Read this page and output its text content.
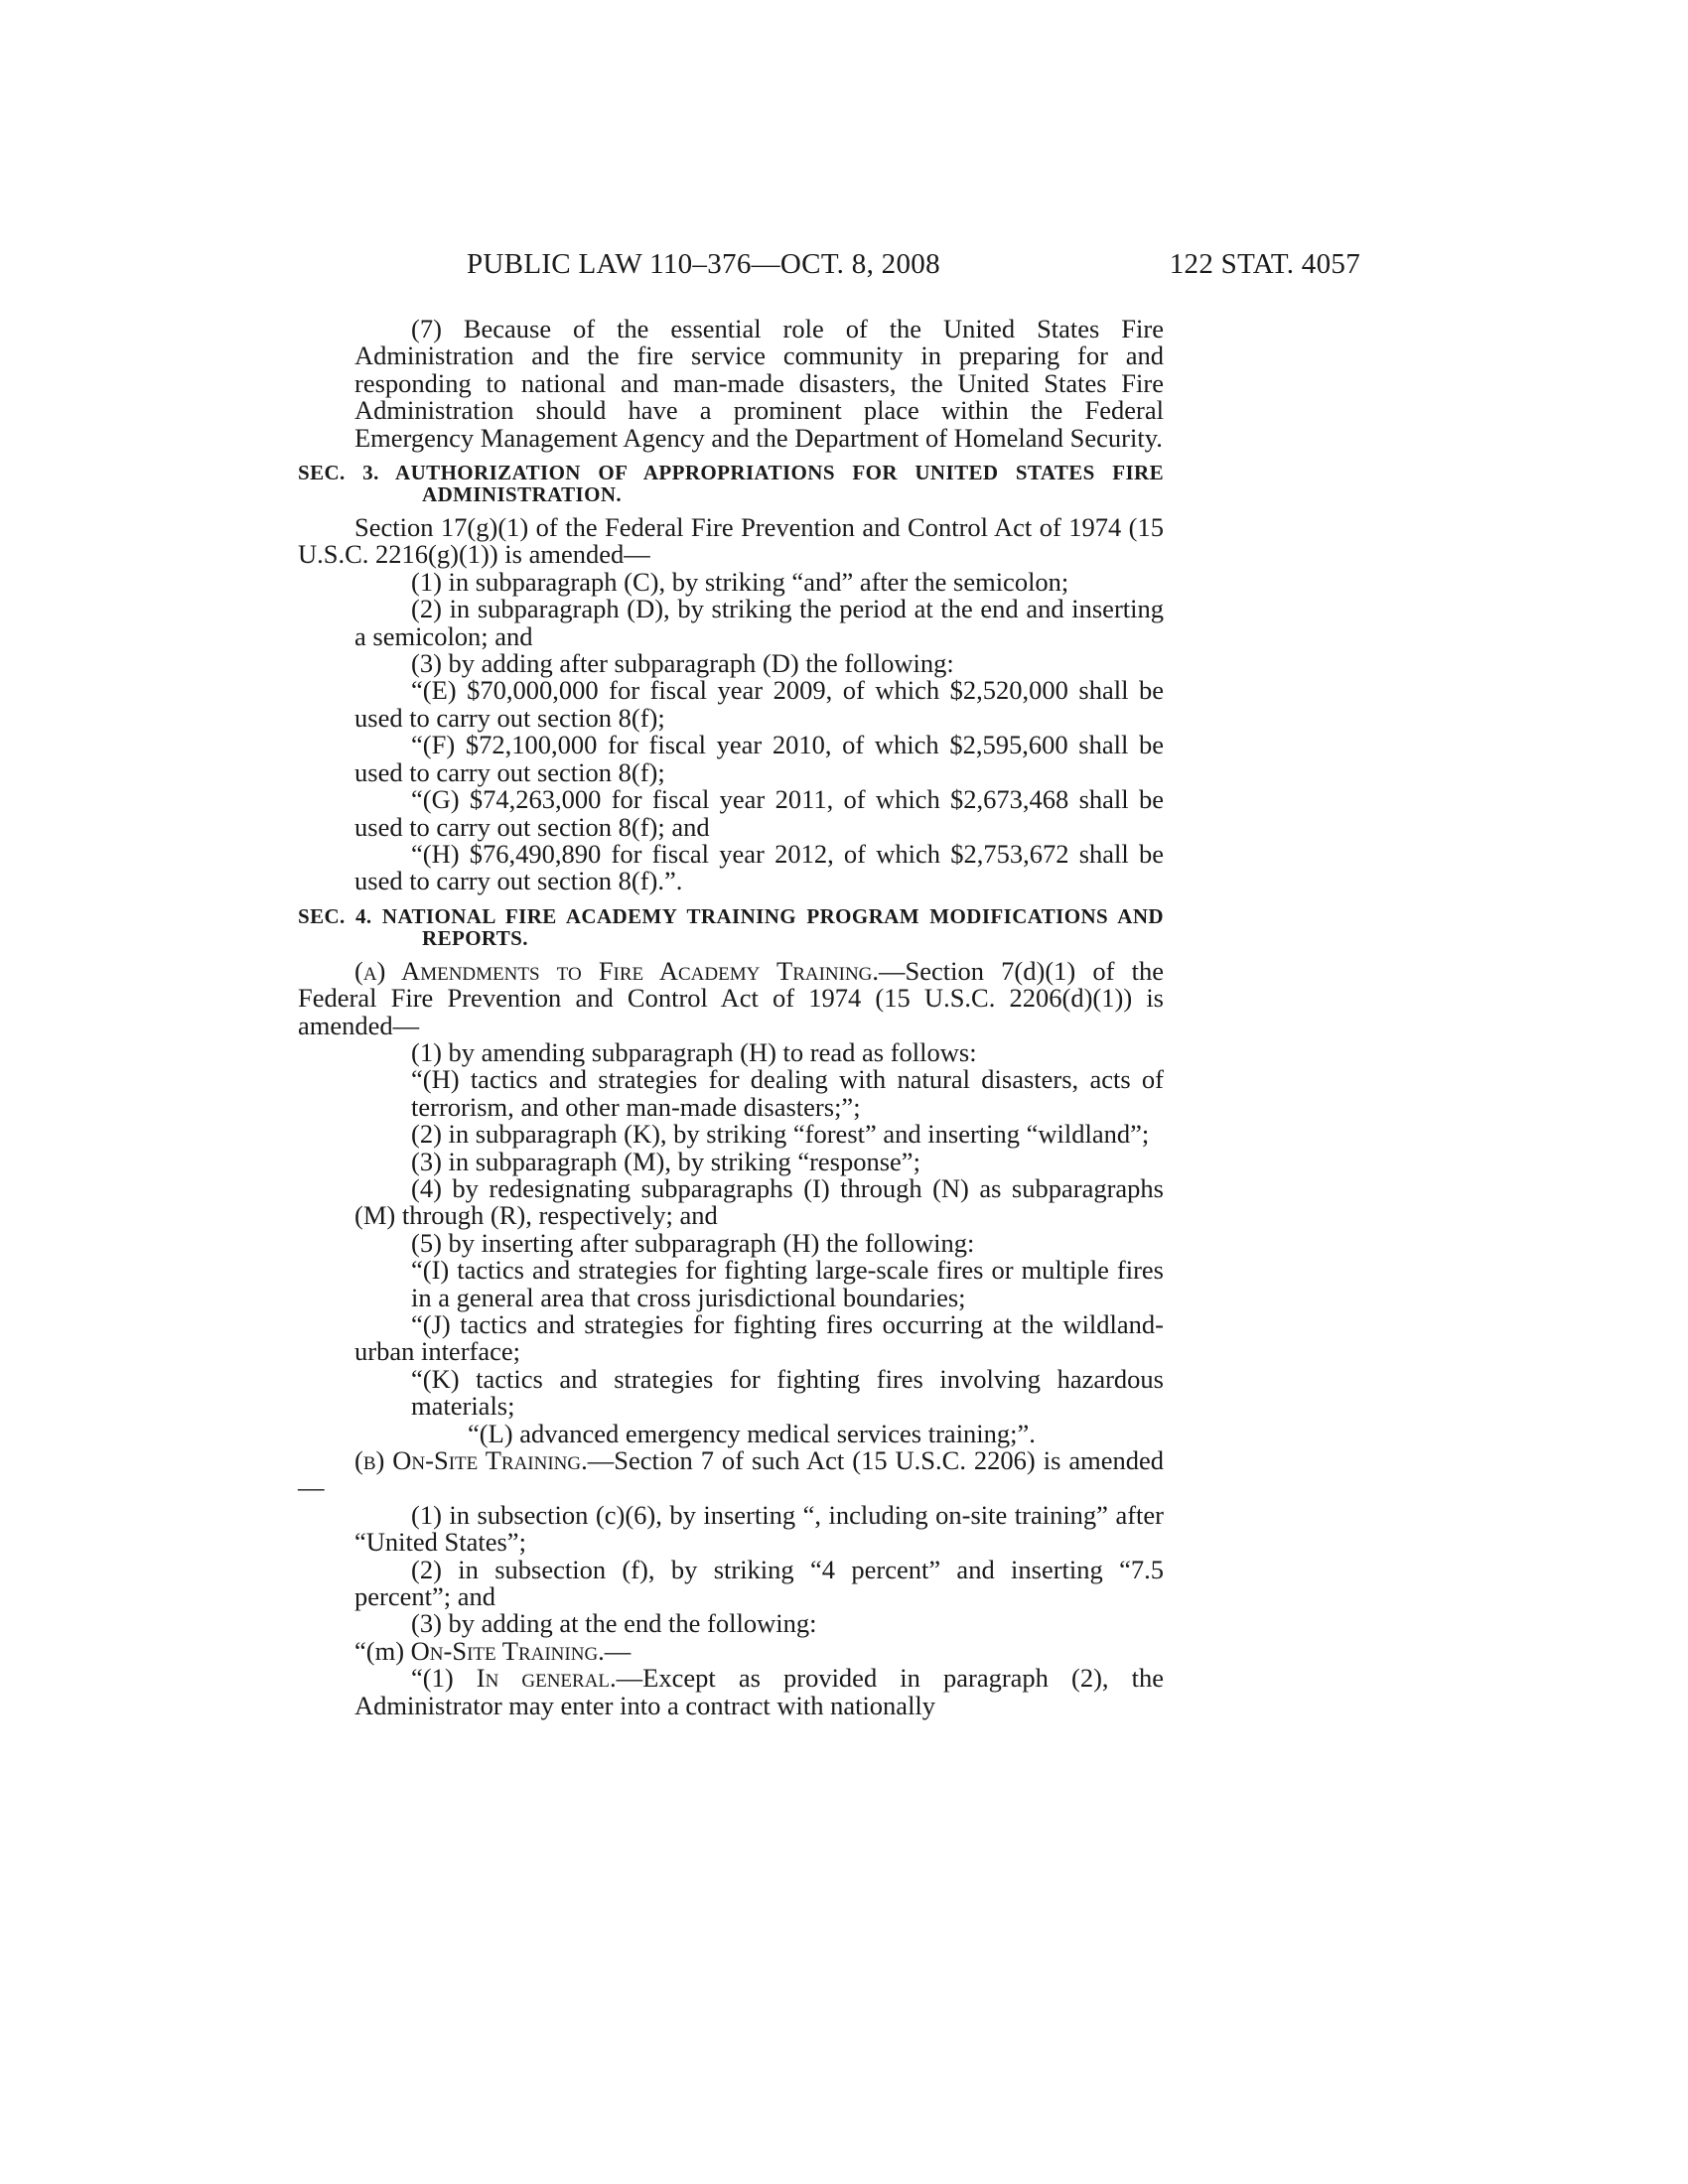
PUBLIC LAW 110–376—OCT. 8, 2008	122 STAT. 4057

(7) Because of the essential role of the United States Fire Administration and the fire service community in preparing for and responding to national and man-made disasters, the United States Fire Administration should have a prominent place within the Federal Emergency Management Agency and the Department of Homeland Security.

SEC. 3. AUTHORIZATION OF APPROPRIATIONS FOR UNITED STATES FIRE ADMINISTRATION.

Section 17(g)(1) of the Federal Fire Prevention and Control Act of 1974 (15 U.S.C. 2216(g)(1)) is amended—

(1) in subparagraph (C), by striking “and” after the semicolon;

(2) in subparagraph (D), by striking the period at the end and inserting a semicolon; and

(3) by adding after subparagraph (D) the following:

“(E) $70,000,000 for fiscal year 2009, of which $2,520,000 shall be used to carry out section 8(f);

“(F) $72,100,000 for fiscal year 2010, of which $2,595,600 shall be used to carry out section 8(f);

“(G) $74,263,000 for fiscal year 2011, of which $2,673,468 shall be used to carry out section 8(f); and

“(H) $76,490,890 for fiscal year 2012, of which $2,753,672 shall be used to carry out section 8(f).”.

SEC. 4. NATIONAL FIRE ACADEMY TRAINING PROGRAM MODIFICATIONS AND REPORTS.

(a) Amendments to Fire Academy Training.—Section 7(d)(1) of the Federal Fire Prevention and Control Act of 1974 (15 U.S.C. 2206(d)(1)) is amended—

(1) by amending subparagraph (H) to read as follows:

“(H) tactics and strategies for dealing with natural disasters, acts of terrorism, and other man-made disasters;”;

(2) in subparagraph (K), by striking “forest” and inserting “wildland”;

(3) in subparagraph (M), by striking “response”;

(4) by redesignating subparagraphs (I) through (N) as subparagraphs (M) through (R), respectively; and

(5) by inserting after subparagraph (H) the following:

“(I) tactics and strategies for fighting large-scale fires or multiple fires in a general area that cross jurisdictional boundaries;

“(J) tactics and strategies for fighting fires occurring at the wildland-urban interface;

“(K) tactics and strategies for fighting fires involving hazardous materials;

“(L) advanced emergency medical services training;”.

(b) On-Site Training.—Section 7 of such Act (15 U.S.C. 2206) is amended—

(1) in subsection (c)(6), by inserting “, including on-site training” after “United States”;

(2) in subsection (f), by striking “4 percent” and inserting “7.5 percent”; and

(3) by adding at the end the following:

“(m) On-Site Training.—

“(1) In general.—Except as provided in paragraph (2), the Administrator may enter into a contract with nationally
